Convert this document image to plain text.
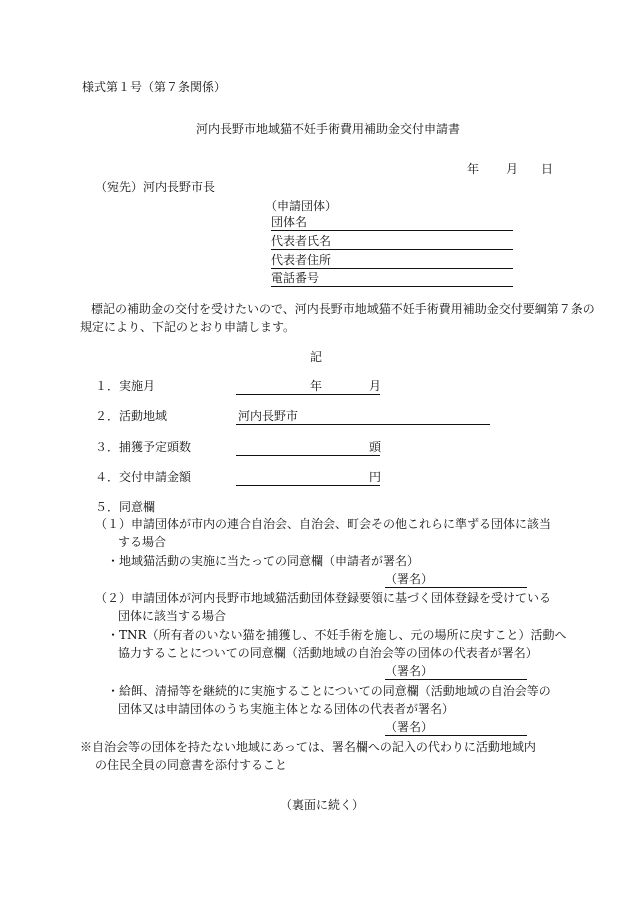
様式第１号（第７条関係）
河内長野市地域猫不妊手術費用補助金交付申請書
年 月 日
（宛先）河内長野市長
（申請団体）
団体名
代表者氏名
代表者住所
電話番号
標記の補助金の交付を受けたいので、河内長野市地域猫不妊手術費用補助金交付要綱第７条の
規定により、下記のとおり申請します。
記
１．実施月	年	月
２．活動地域	河内長野市
３．捕獲予定頭数	頭
４．交付申請金額	円
５．同意欄
（１）申請団体が市内の連合自治会、自治会、町会その他これらに準ずる団体に該当
する場合
・地域猫活動の実施に当たっての同意欄（申請者が署名）
（署名）
（２）申請団体が河内長野市地域猫活動団体登録要領に基づく団体登録を受けている
団体に該当する場合
・TNR（所有者のいない猫を捕獲し、不妊手術を施し、元の場所に戻すこと）活動へ
協力することについての同意欄（活動地域の自治会等の団体の代表者が署名）
（署名）
・給餌、清掃等を継続的に実施することについての同意欄（活動地域の自治会等の
団体又は申請団体のうち実施主体となる団体の代表者が署名）
（署名）
※自治会等の団体を持たない地域にあっては、署名欄への記入の代わりに活動地域内
の住民全員の同意書を添付すること
（裏面に続く）
